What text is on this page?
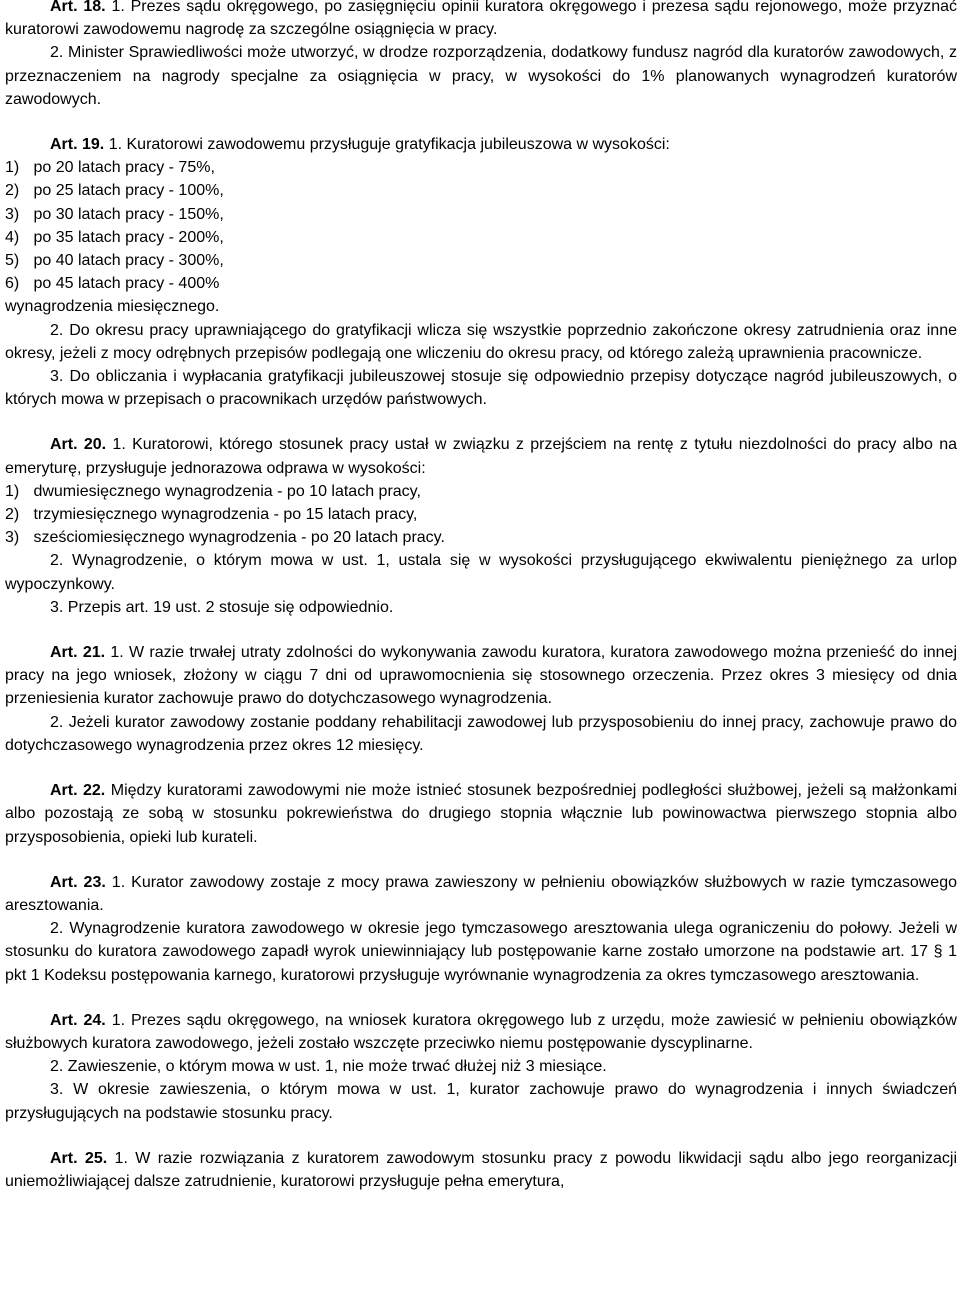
Art. 18. 1. Prezes sądu okręgowego, po zasięgnięciu opinii kuratora okręgowego i prezesa sądu rejonowego, może przyznać kuratorowi zawodowemu nagrodę za szczególne osiągnięcia w pracy.

2. Minister Sprawiedliwości może utworzyć, w drodze rozporządzenia, dodatkowy fundusz nagród dla kuratorów zawodowych, z przeznaczeniem na nagrody specjalne za osiągnięcia w pracy, w wysokości do 1% planowanych wynagrodzeń kuratorów zawodowych.

Art. 19. 1. Kuratorowi zawodowemu przysługuje gratyfikacja jubileuszowa w wysokości:

1) po 20 latach pracy - 75%,

2) po 25 latach pracy - 100%,

3) po 30 latach pracy - 150%,

4) po 35 latach pracy - 200%,

5) po 40 latach pracy - 300%,

6) po 45 latach pracy - 400%

wynagrodzenia miesięcznego.

2. Do okresu pracy uprawniającego do gratyfikacji wlicza się wszystkie poprzednio zakończone okresy zatrudnienia oraz inne okresy, jeżeli z mocy odrębnych przepisów podlegają one wliczeniu do okresu pracy, od którego zależą uprawnienia pracownicze.

3. Do obliczania i wypłacania gratyfikacji jubileuszowej stosuje się odpowiednio przepisy dotyczące nagród jubileuszowych, o których mowa w przepisach o pracownikach urzędów państwowych.

Art. 20. 1. Kuratorowi, którego stosunek pracy ustał w związku z przejściem na rentę z tytułu niezdolności do pracy albo na emeryturę, przysługuje jednorazowa odprawa w wysokości:

1) dwumiesięcznego wynagrodzenia - po 10 latach pracy,

2) trzymiesięcznego wynagrodzenia - po 15 latach pracy,

3) sześciomiesięcznego wynagrodzenia - po 20 latach pracy.

2. Wynagrodzenie, o którym mowa w ust. 1, ustala się w wysokości przysługującego ekwiwalentu pieniężnego za urlop wypoczynkowy.

3. Przepis art. 19 ust. 2 stosuje się odpowiednio.

Art. 21. 1. W razie trwałej utraty zdolności do wykonywania zawodu kuratora, kuratora zawodowego można przenieść do innej pracy na jego wniosek, złożony w ciągu 7 dni od uprawomocnienia się stosownego orzeczenia. Przez okres 3 miesięcy od dnia przeniesienia kurator zachowuje prawo do dotychczasowego wynagrodzenia.

2. Jeżeli kurator zawodowy zostanie poddany rehabilitacji zawodowej lub przysposobieniu do innej pracy, zachowuje prawo do dotychczasowego wynagrodzenia przez okres 12 miesięcy.

Art. 22. Między kuratorami zawodowymi nie może istnieć stosunek bezpośredniej podległości służbowej, jeżeli są małżonkami albo pozostają ze sobą w stosunku pokrewieństwa do drugiego stopnia włącznie lub powinowactwa pierwszego stopnia albo przysposobienia, opieki lub kurateli.

Art. 23. 1. Kurator zawodowy zostaje z mocy prawa zawieszony w pełnieniu obowiązków służbowych w razie tymczasowego aresztowania.

2. Wynagrodzenie kuratora zawodowego w okresie jego tymczasowego aresztowania ulega ograniczeniu do połowy. Jeżeli w stosunku do kuratora zawodowego zapadł wyrok uniewinniający lub postępowanie karne zostało umorzone na podstawie art. 17 § 1 pkt 1 Kodeksu postępowania karnego, kuratorowi przysługuje wyrównanie wynagrodzenia za okres tymczasowego aresztowania.

Art. 24. 1. Prezes sądu okręgowego, na wniosek kuratora okręgowego lub z urzędu, może zawiesić w pełnieniu obowiązków służbowych kuratora zawodowego, jeżeli zostało wszczęte przeciwko niemu postępowanie dyscyplinarne.

2. Zawieszenie, o którym mowa w ust. 1, nie może trwać dłużej niż 3 miesiące.

3. W okresie zawieszenia, o którym mowa w ust. 1, kurator zachowuje prawo do wynagrodzenia i innych świadczeń przysługujących na podstawie stosunku pracy.

Art. 25. 1. W razie rozwiązania z kuratorem zawodowym stosunku pracy z powodu likwidacji sądu albo jego reorganizacji uniemożliwiającej dalsze zatrudnienie, kuratorowi przysługuje pełna emerytura,
